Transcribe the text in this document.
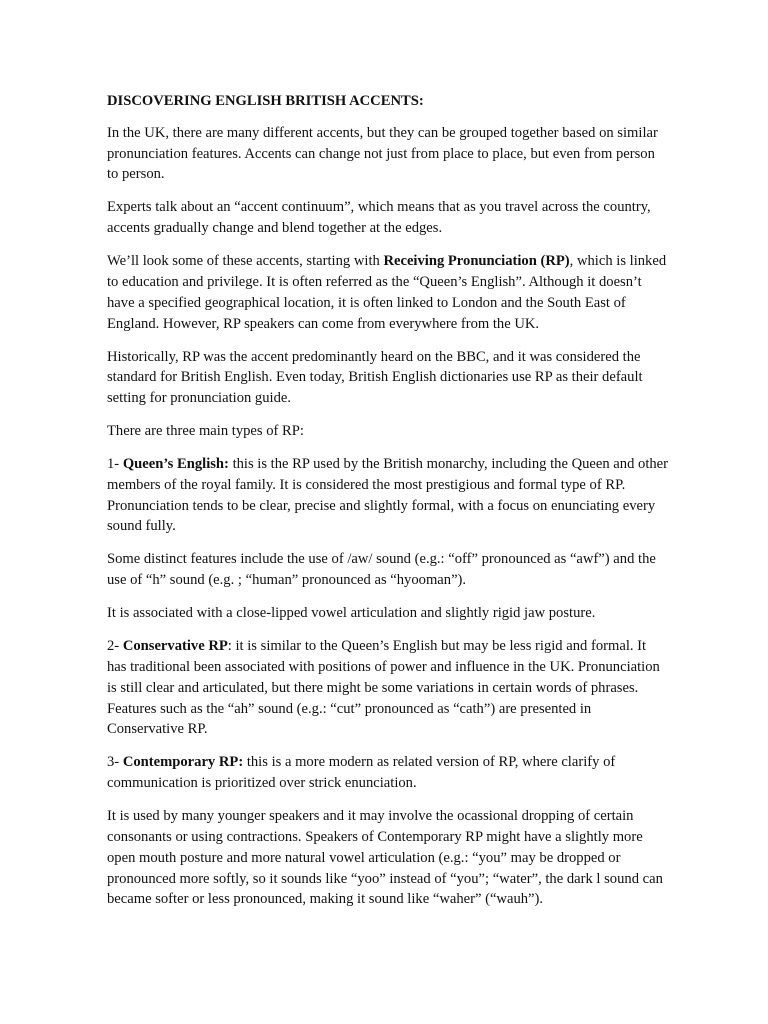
DISCOVERING ENGLISH BRITISH ACCENTS:

In the UK, there are many different accents, but they can be grouped together based on similar pronunciation features. Accents can change not just from place to place, but even from person to person.

Experts talk about an “accent continuum”, which means that as you travel across the country, accents gradually change and blend together at the edges.

We’ll look some of these accents, starting with Receiving Pronunciation (RP), which is linked to education and privilege. It is often referred as the “Queen’s English”. Although it doesn’t have a specified geographical location, it is often linked to London and the South East of England. However, RP speakers can come from everywhere from the UK.

Historically, RP was the accent predominantly heard on the BBC, and it was considered the standard for British English. Even today, British English dictionaries use RP as their default setting for pronunciation guide.

There are three main types of RP:

1- Queen’s English: this is the RP used by the British monarchy, including the Queen and other members of the royal family. It is considered the most prestigious and formal type of RP. Pronunciation tends to be clear, precise and slightly formal, with a focus on enunciating every sound fully.

Some distinct features include the use of /aw/ sound (e.g.: “off” pronounced as “awf”) and the use of “h” sound (e.g. ; “human” pronounced as “hyooman”).

It is associated with a close-lipped vowel articulation and slightly rigid jaw posture.

2- Conservative RP: it is similar to the Queen’s English but may be less rigid and formal. It has traditional been associated with positions of power and influence in the UK. Pronunciation is still clear and articulated, but there might be some variations in certain words of phrases. Features such as the “ah” sound (e.g.: “cut” pronounced as “cath”) are presented in Conservative RP.

3- Contemporary RP: this is a more modern as related version of RP, where clarify of communication is prioritized over strick enunciation.

It is used by many younger speakers and it may involve the ocassional dropping of certain consonants or using contractions. Speakers of Contemporary RP might have a slightly more open mouth posture and more natural vowel articulation (e.g.: “you” may be dropped or pronounced more softly, so it sounds like “yoo” instead of “you”; “water”, the dark l sound can became softer or less pronounced, making it sound like “waher” (“wauh”).
